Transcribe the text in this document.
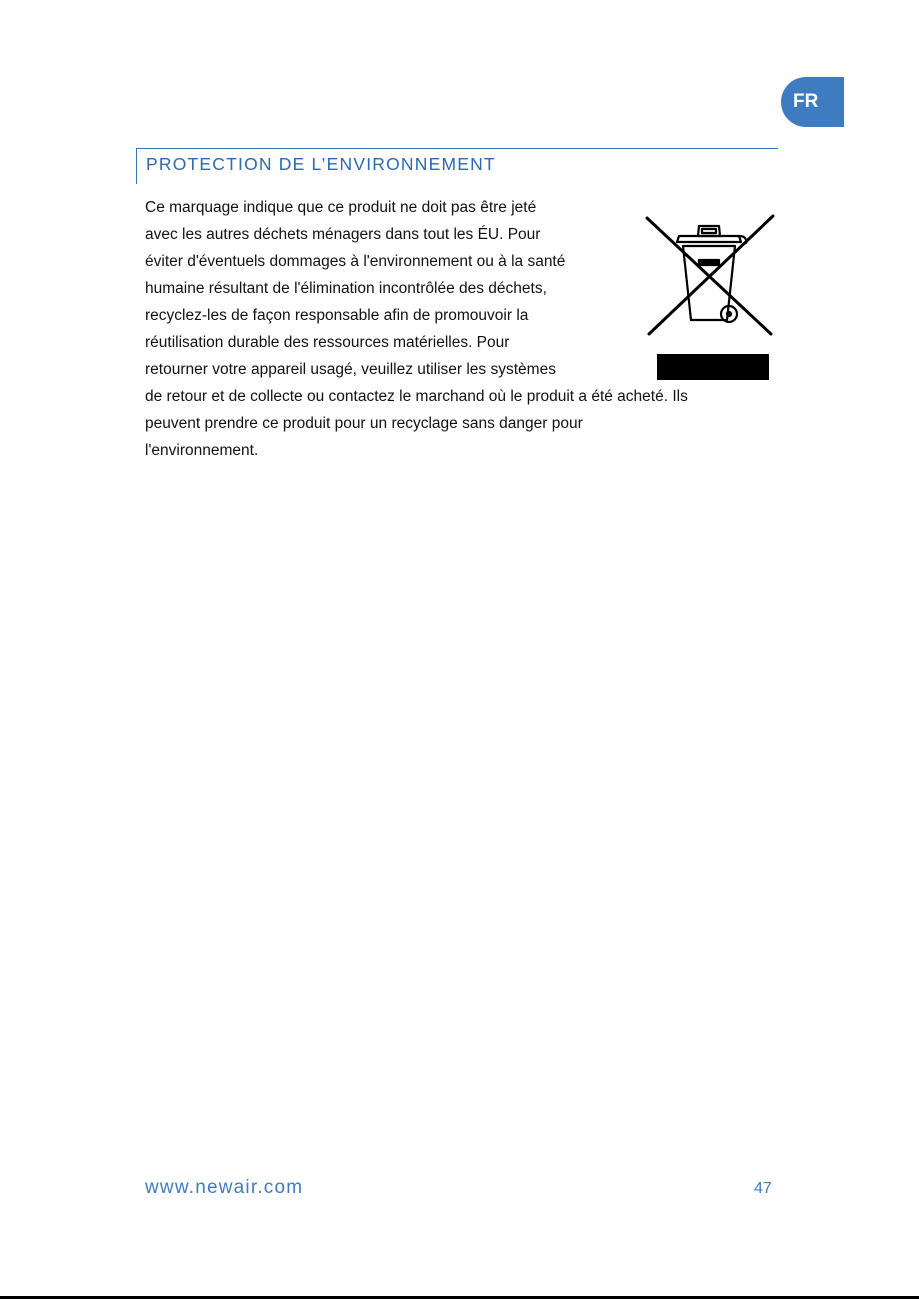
FR
PROTECTION DE L’ENVIRONNEMENT
Ce marquage indique que ce produit ne doit pas être jeté
avec les autres déchets ménagers dans tout les ÉU. Pour
éviter d'éventuels dommages à l'environnement ou à la santé
humaine résultant de l'élimination incontrôlée des déchets,
recyclez-les de façon responsable afin de promouvoir la
réutilisation durable des ressources matérielles. Pour
retourner votre appareil usagé, veuillez utiliser les systèmes
de retour et de collecte ou contactez le marchand où le produit a été acheté. Ils
peuvent prendre ce produit pour un recyclage sans danger pour
l'environnement.
www.newair.com	47
